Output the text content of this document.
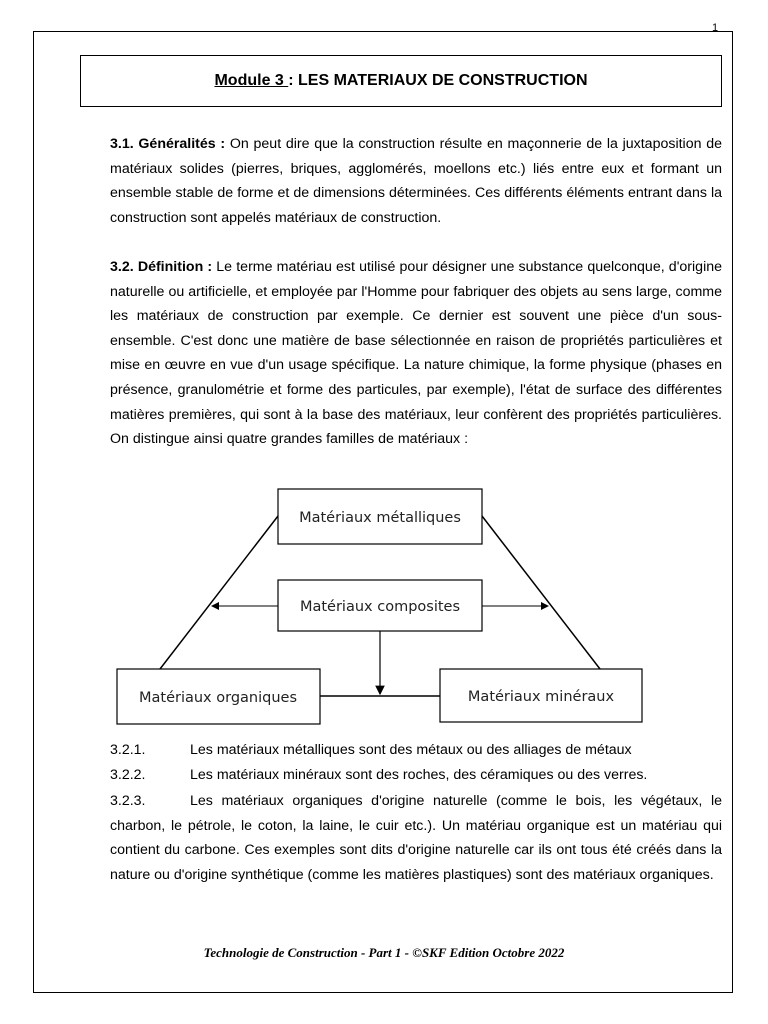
1
Module 3 : LES MATERIAUX DE CONSTRUCTION

3.1. Généralités : On peut dire que la construction résulte en maçonnerie de la juxtaposition de matériaux solides (pierres, briques, agglomérés, moellons etc.) liés entre eux et formant un ensemble stable de forme et de dimensions déterminées. Ces différents éléments entrant dans la construction sont appelés matériaux de construction.

3.2. Définition : Le terme matériau est utilisé pour désigner une substance quelconque, d'origine naturelle ou artificielle, et employée par l'Homme pour fabriquer des objets au sens large, comme les matériaux de construction par exemple. Ce dernier est souvent une pièce d'un sous-ensemble. C'est donc une matière de base sélectionnée en raison de propriétés particulières et mise en œuvre en vue d'un usage spécifique. La nature chimique, la forme physique (phases en présence, granulométrie et forme des particules, par exemple), l'état de surface des différentes matières premières, qui sont à la base des matériaux, leur confèrent des propriétés particulières. On distingue ainsi quatre grandes familles de matériaux :

Matériaux métalliques
Matériaux composites
Matériaux organiques	Matériaux minéraux
3.2.1.	Les matériaux métalliques sont des métaux ou des alliages de métaux
3.2.2.	Les matériaux minéraux sont des roches, des céramiques ou des verres.
3.2.3.	Les matériaux organiques d'origine naturelle (comme le bois, les végétaux, le charbon, le pétrole, le coton, la laine, le cuir etc.). Un matériau organique est un matériau qui contient du carbone. Ces exemples sont dits d'origine naturelle car ils ont tous été créés dans la nature ou d'origine synthétique (comme les matières plastiques) sont des matériaux organiques.
Technologie de Construction - Part 1 - ©SKF Edition Octobre 2022
